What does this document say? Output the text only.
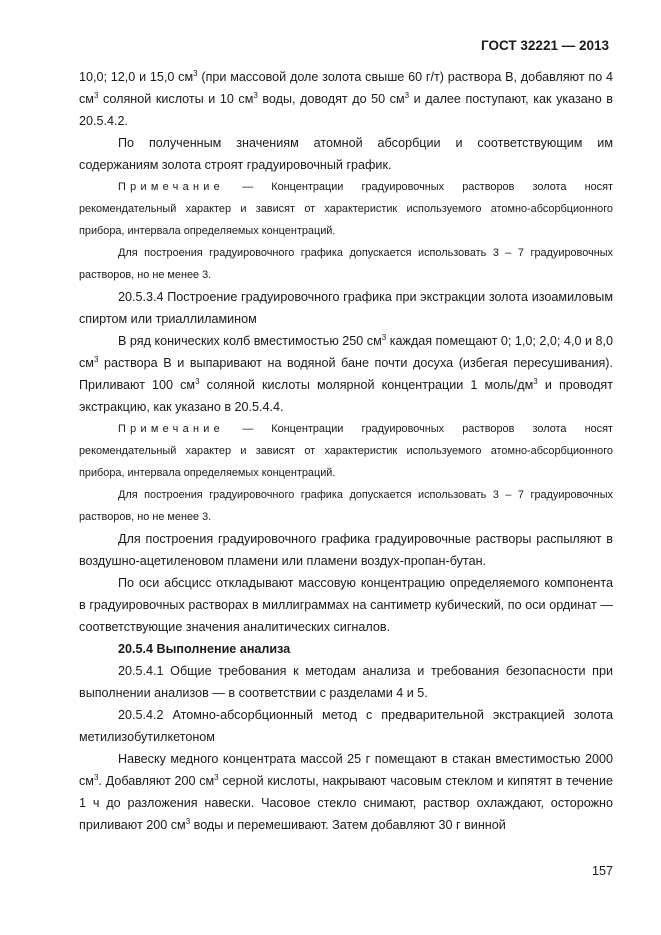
ГОСТ 32221 — 2013

10,0; 12,0 и 15,0 $см^3$ (при массовой доле золота свыше 60 г/т) раствора В, добавляют по 4 $см^3$ соляной кислоты и 10 $см^3$ воды, доводят до 50 $см^3$ и далее поступают, как указано в 20.5.4.2.

По полученным значениям атомной абсорбции и соответствующим им содержаниям золота строят градуировочный график.

Примечание — Концентрации градуировочных растворов золота носят рекомендательный характер и зависят от характеристик используемого атомно-абсорбционного прибора, интервала определяемых концентраций.

Для построения градуировочного графика допускается использовать 3 – 7 градуировочных растворов, но не менее 3.

20.5.3.4 Построение градуировочного графика при экстракции золота изоамиловым спиртом или триаллиламином

В ряд конических колб вместимостью 250 $см^3$ каждая помещают 0; 1,0; 2,0; 4,0 и 8,0 $см^3$ раствора В и выпаривают на водяной бане почти досуха (избегая пересушивания). Приливают 100 $см^3$ соляной кислоты молярной концентрации 1 моль/$дм^3$ и проводят экстракцию, как указано в 20.5.4.4.

Примечание — Концентрации градуировочных растворов золота носят рекомендательный характер и зависят от характеристик используемого атомно-абсорбционного прибора, интервала определяемых концентраций.

Для построения градуировочного графика допускается использовать 3 – 7 градуировочных растворов, но не менее 3.

Для построения градуировочного графика градуировочные растворы распыляют в воздушно-ацетиленовом пламени или пламени воздух-пропан-бутан.

По оси абсцисс откладывают массовую концентрацию определяемого компонента в градуировочных растворах в миллиграммах на сантиметр кубический, по оси ординат — соответствующие значения аналитических сигналов.

20.5.4 Выполнение анализа

20.5.4.1 Общие требования к методам анализа и требования безопасности при выполнении анализов — в соответствии с разделами 4 и 5.

20.5.4.2 Атомно-абсорбционный метод с предварительной экстракцией золота метилизобутилкетоном

Навеску медного концентрата массой 25 г помещают в стакан вместимостью 2000 $см^3$. Добавляют 200 $см^3$ серной кислоты, накрывают часовым стеклом и кипятят в течение 1 ч до разложения навески. Часовое стекло снимают, раствор охлаждают, осторожно приливают 200 $см^3$ воды и перемешивают. Затем добавляют 30 г винной

157
